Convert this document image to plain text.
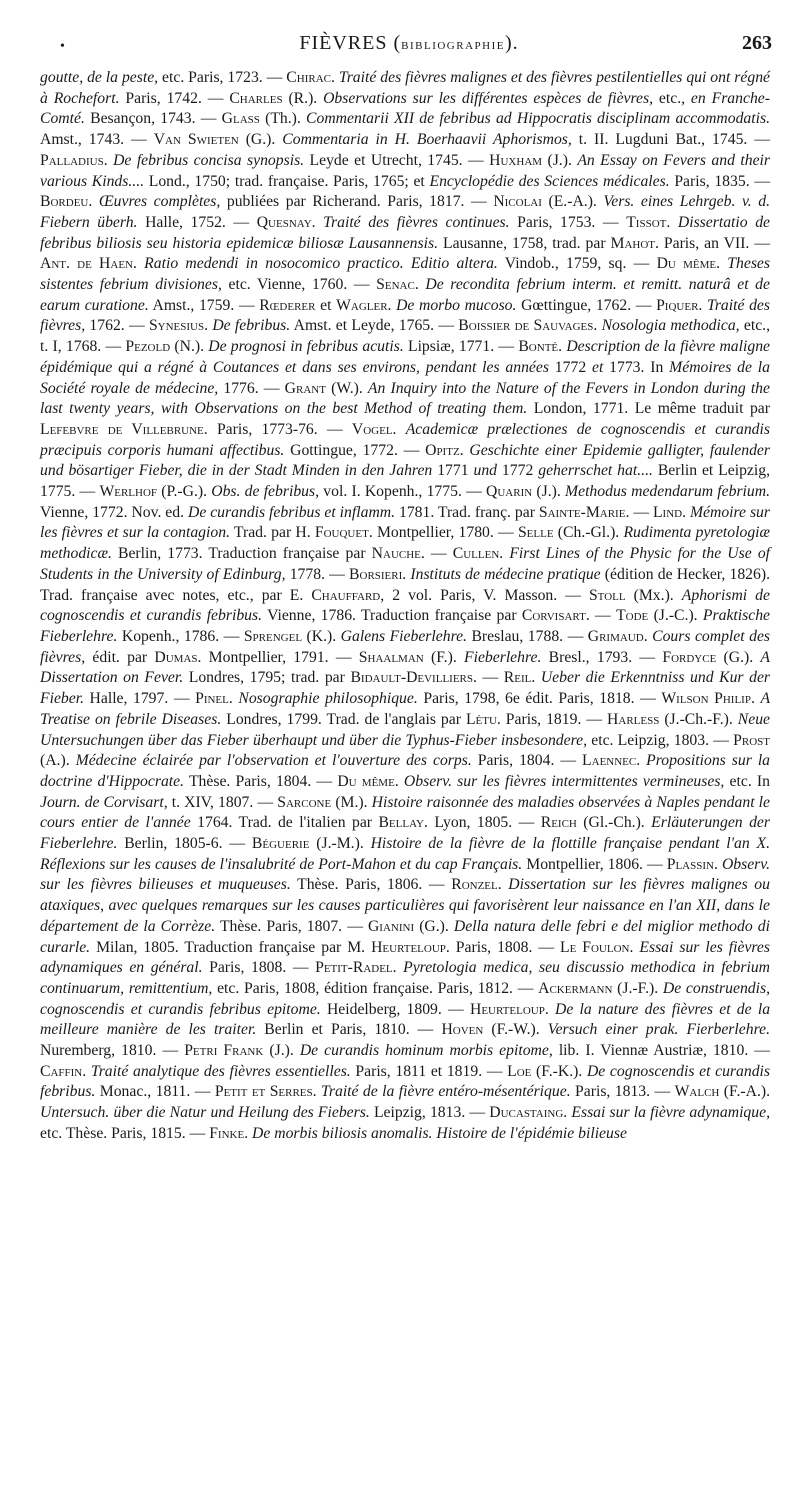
•	FIÈVRES (bibliographie).	263

goutte, de la peste, etc. Paris, 1723. — Chirac. Traité des fièvres malignes et des fièvres pestilentielles qui ont régné à Rochefort. Paris, 1742. — Charles (R.). Observations sur les différentes espèces de fièvres, etc., en Franche-Comté. Besançon, 1743. — Glass (Th.). Commentarii XII de febribus ad Hippocratis disciplinam accommodatis. Amst., 1743. — Van Swieten (G.). Commentaria in H. Boerhaavii Aphorismos, t. II. Lugduni Bat., 1745. — Palladius. De febribus concisa synopsis. Leyde et Utrecht, 1745. — Huxham (J.). An Essay on Fevers and their various Kinds.... Lond., 1750; trad. française. Paris, 1765; et Encyclopédie des Sciences médicales. Paris, 1835. — Bordeu. Œuvres complètes, publiées par Richerand. Paris, 1817. — Nicolai (E.-A.). Vers. eines Lehrgeb. v. d. Fiebern überh. Halle, 1752. — Quesnay. Traité des fièvres continues. Paris, 1753. — Tissot. Dissertatio de febribus biliosis seu historia epidemicæ biliosæ Lausannensis. Lausanne, 1758, trad. par Mahot. Paris, an VII. — Ant. de Haen. Ratio medendi in nosocomico practico. Editio altera. Vindob., 1759, sq. — Du même. Theses sistentes febrium divisiones, etc. Vienne, 1760. — Senac. De recondita febrium interm. et remitt. naturâ et de earum curatione. Amst., 1759. — Rœderer et Wagler. De morbo mucoso. Gœttingue, 1762. — Piquer. Traité des fièvres, 1762. — Synesius. De febribus. Amst. et Leyde, 1765. — Boissier de Sauvages. Nosologia methodica, etc., t. I, 1768. — Pezold (N.). De prognosi in febribus acutis. Lipsiæ, 1771. — Bonté. Description de la fièvre maligne épidémique qui a régné à Coutances et dans ses environs, pendant les années 1772 et 1773. In Mémoires de la Société royale de médecine, 1776. — Grant (W.). An Inquiry into the Nature of the Fevers in London during the last twenty years, with Observations on the best Method of treating them. London, 1771. Le même traduit par Lefebvre de Villebrune. Paris, 1773-76. — Vogel. Academicæ prælectiones de cognoscendis et curandis præcipuis corporis humani affectibus. Gottingue, 1772. — Opitz. Geschichte einer Epidemie galligter, faulender und bösartiger Fieber, die in der Stadt Minden in den Jahren 1771 und 1772 geherrschet hat.... Berlin et Leipzig, 1775. — Werlhof (P.-G.). Obs. de febribus, vol. I. Kopenh., 1775. — Quarin (J.). Methodus medendarum febrium. Vienne, 1772. Nov. ed. De curandis febribus et inflamm. 1781. Trad. franç. par Sainte-Marie. — Lind. Mémoire sur les fièvres et sur la contagion. Trad. par H. Fouquet. Montpellier, 1780. — Selle (Ch.-Gl.). Rudimenta pyretologiæ methodicæ. Berlin, 1773. Traduction française par Nauche. — Cullen. First Lines of the Physic for the Use of Students in the University of Edinburg, 1778. — Borsieri. Instituts de médecine pratique (édition de Hecker, 1826). Trad. française avec notes, etc., par E. Chauffard, 2 vol. Paris, V. Masson. — Stoll (Mx.). Aphorismi de cognoscendis et curandis febribus. Vienne, 1786. Traduction française par Corvisart. — Tode (J.-C.). Praktische Fieberlehre. Kopenh., 1786. — Sprengel (K.). Galens Fieberlehre. Breslau, 1788. — Grimaud. Cours complet des fièvres, édit. par Dumas. Montpellier, 1791. — Shaalman (F.). Fieberlehre. Bresl., 1793. — Fordyce (G.). A Dissertation on Fever. Londres, 1795; trad. par Bidault-Devilliers. — Reil. Ueber die Erkenntniss und Kur der Fieber. Halle, 1797. — Pinel. Nosographie philosophique. Paris, 1798, 6e édit. Paris, 1818. — Wilson Philip. A Treatise on febrile Diseases. Londres, 1799. Trad. de l'anglais par Létu. Paris, 1819. — Harless (J.-Ch.-F.). Neue Untersuchungen über das Fieber überhaupt und über die Typhus-Fieber insbesondere, etc. Leipzig, 1803. — Prost (A.). Médecine éclairée par l'observation et l'ouverture des corps. Paris, 1804. — Laennec. Propositions sur la doctrine d'Hippocrate. Thèse. Paris, 1804. — Du même. Observ. sur les fièvres intermittentes vermineuses, etc. In Journ. de Corvisart, t. XIV, 1807. — Sarcone (M.). Histoire raisonnée des maladies observées à Naples pendant le cours entier de l'année 1764. Trad. de l'italien par Bellay. Lyon, 1805. — Reich (Gl.-Ch.). Erläuterungen der Fieberlehre. Berlin, 1805-6. — Béguerie (J.-M.). Histoire de la fièvre de la flottille française pendant l'an X. Réflexions sur les causes de l'insalubrité de Port-Mahon et du cap Français. Montpellier, 1806. — Plassin. Observ. sur les fièvres bilieuses et muqueuses. Thèse. Paris, 1806. — Ronzel. Dissertation sur les fièvres malignes ou ataxiques, avec quelques remarques sur les causes particulières qui favorisèrent leur naissance en l'an XII, dans le département de la Corrèze. Thèse. Paris, 1807. — Gianini (G.). Della natura delle febri e del miglior methodo di curarle. Milan, 1805. Traduction française par M. Heurteloup. Paris, 1808. — Le Foulon. Essai sur les fièvres adynamiques en général. Paris, 1808. — Petit-Radel. Pyretologia medica, seu discussio methodica in febrium continuarum, remittentium, etc. Paris, 1808, édition française. Paris, 1812. — Ackermann (J.-F.). De construendis, cognoscendis et curandis febribus epitome. Heidelberg, 1809. — Heurteloup. De la nature des fièvres et de la meilleure manière de les traiter. Berlin et Paris, 1810. — Hoven (F.-W.). Versuch einer prak. Fierberlehre. Nuremberg, 1810. — Petri Frank (J.). De curandis hominum morbis epitome, lib. I. Viennæ Austriæ, 1810. — Caffin. Traité analytique des fièvres essentielles. Paris, 1811 et 1819. — Loe (F.-K.). De cognoscendis et curandis febribus. Monac., 1811. — Petit et Serres. Traité de la fièvre entéro-mésentérique. Paris, 1813. — Walch (F.-A.). Untersuch. über die Natur und Heilung des Fiebers. Leipzig, 1813. — Ducastaing. Essai sur la fièvre adynamique, etc. Thèse. Paris, 1815. — Finke. De morbis biliosis anomalis. Histoire de l'épidémie bilieuse
